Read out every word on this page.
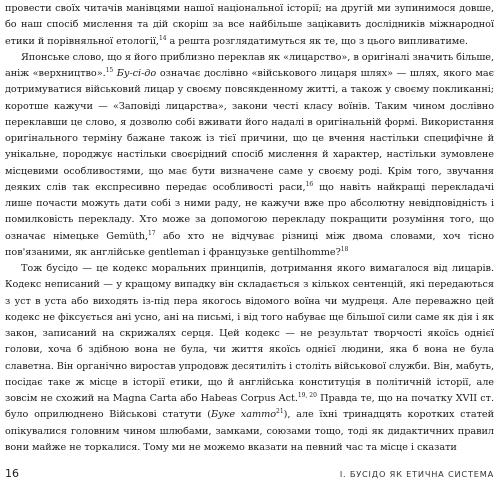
провести своїх читачів манівцями нашої національної історії; на другій ми зупинимося довше, бо наш спосіб мислення та дій скоріш за все найбільше зацікавить дослідників міжнародної етики й порівняльної етології,$^{14}$ а решта розглядатимуться як те, що з цього випливатиме.

Японське слово, що я його приблизно переклав як «лицарство», в оригіналі значить більше, аніж «верхництво».$^{15}$ Бу-сі-до означає дослівно «військового лицаря шлях» — шлях, якого має дотримуватися військовий лицар у своєму повсякденному житті, а також у своєму покликанні; коротше кажучи — «Заповіді лицарства», закони честі класу воїнів. Таким чином дослівно переклавши це слово, я дозволю собі вживати його надалі в оригінальній формі. Використання оригінального терміну бажане також із тієї причини, що це вчення настільки специфічне й унікальне, породжує настільки своєрідний спосіб мислення й характер, настільки зумовлене місцевими особливостями, що має бути визначене саме у своєму роді. Крім того, звучання деяких слів так експресивно передає особливості раси,$^{16}$ що навіть найкращі перекладачі лише почасти можуть дати собі з ними раду, не кажучи вже про абсолютну невідповідність і помилковість перекладу. Хто може за допомогою перекладу покращити розуміння того, що означає німецьке Gemüth,$^{17}$ або хто не відчуває різниці між двома словами, хоч тісно пов'язаними, як англійське gentleman і французьке gentilhomme?$^{18}$

Тож бусідо — це кодекс моральних принципів, дотримання якого вимагалося від лицарів. Кодекс неписаний — у кращому випадку він складається з кількох сентенцій, які передаються з уст в уста або виходять із-під пера якогось відомого воїна чи мудреця. Але переважно цей кодекс не фіксується ані усно, ані на письмі, і від того набуває ще більшої сили саме як дія і як закон, записаний на скрижалях серця. Цей кодекс — не результат творчості якоїсь однієї голови, хоча б здібною вона не була, чи життя якоїсь однієї людини, яка б вона не була славетна. Він органічно виростав упродовж десятиліть і століть військової служби. Він, мабуть, посідає таке ж місце в історії етики, що й англійська конституція в політичній історії, але зовсім не схожий на Magna Carta або Habeas Corpus Act.$^{19, 20}$ Правда те, що на початку XVII ст. було оприлюднено Військові статути (Буке хатто$^{21}$), але їхні тринадцять коротких статей опікувалися головним чином шлюбами, замками, союзами тощо, тоді як дидактичних правил вони майже не торкалися. Тому ми не можемо вказати на певний час та місце і сказати

16	І. БУСІДО ЯК ЕТИЧНА СИСТЕМА
